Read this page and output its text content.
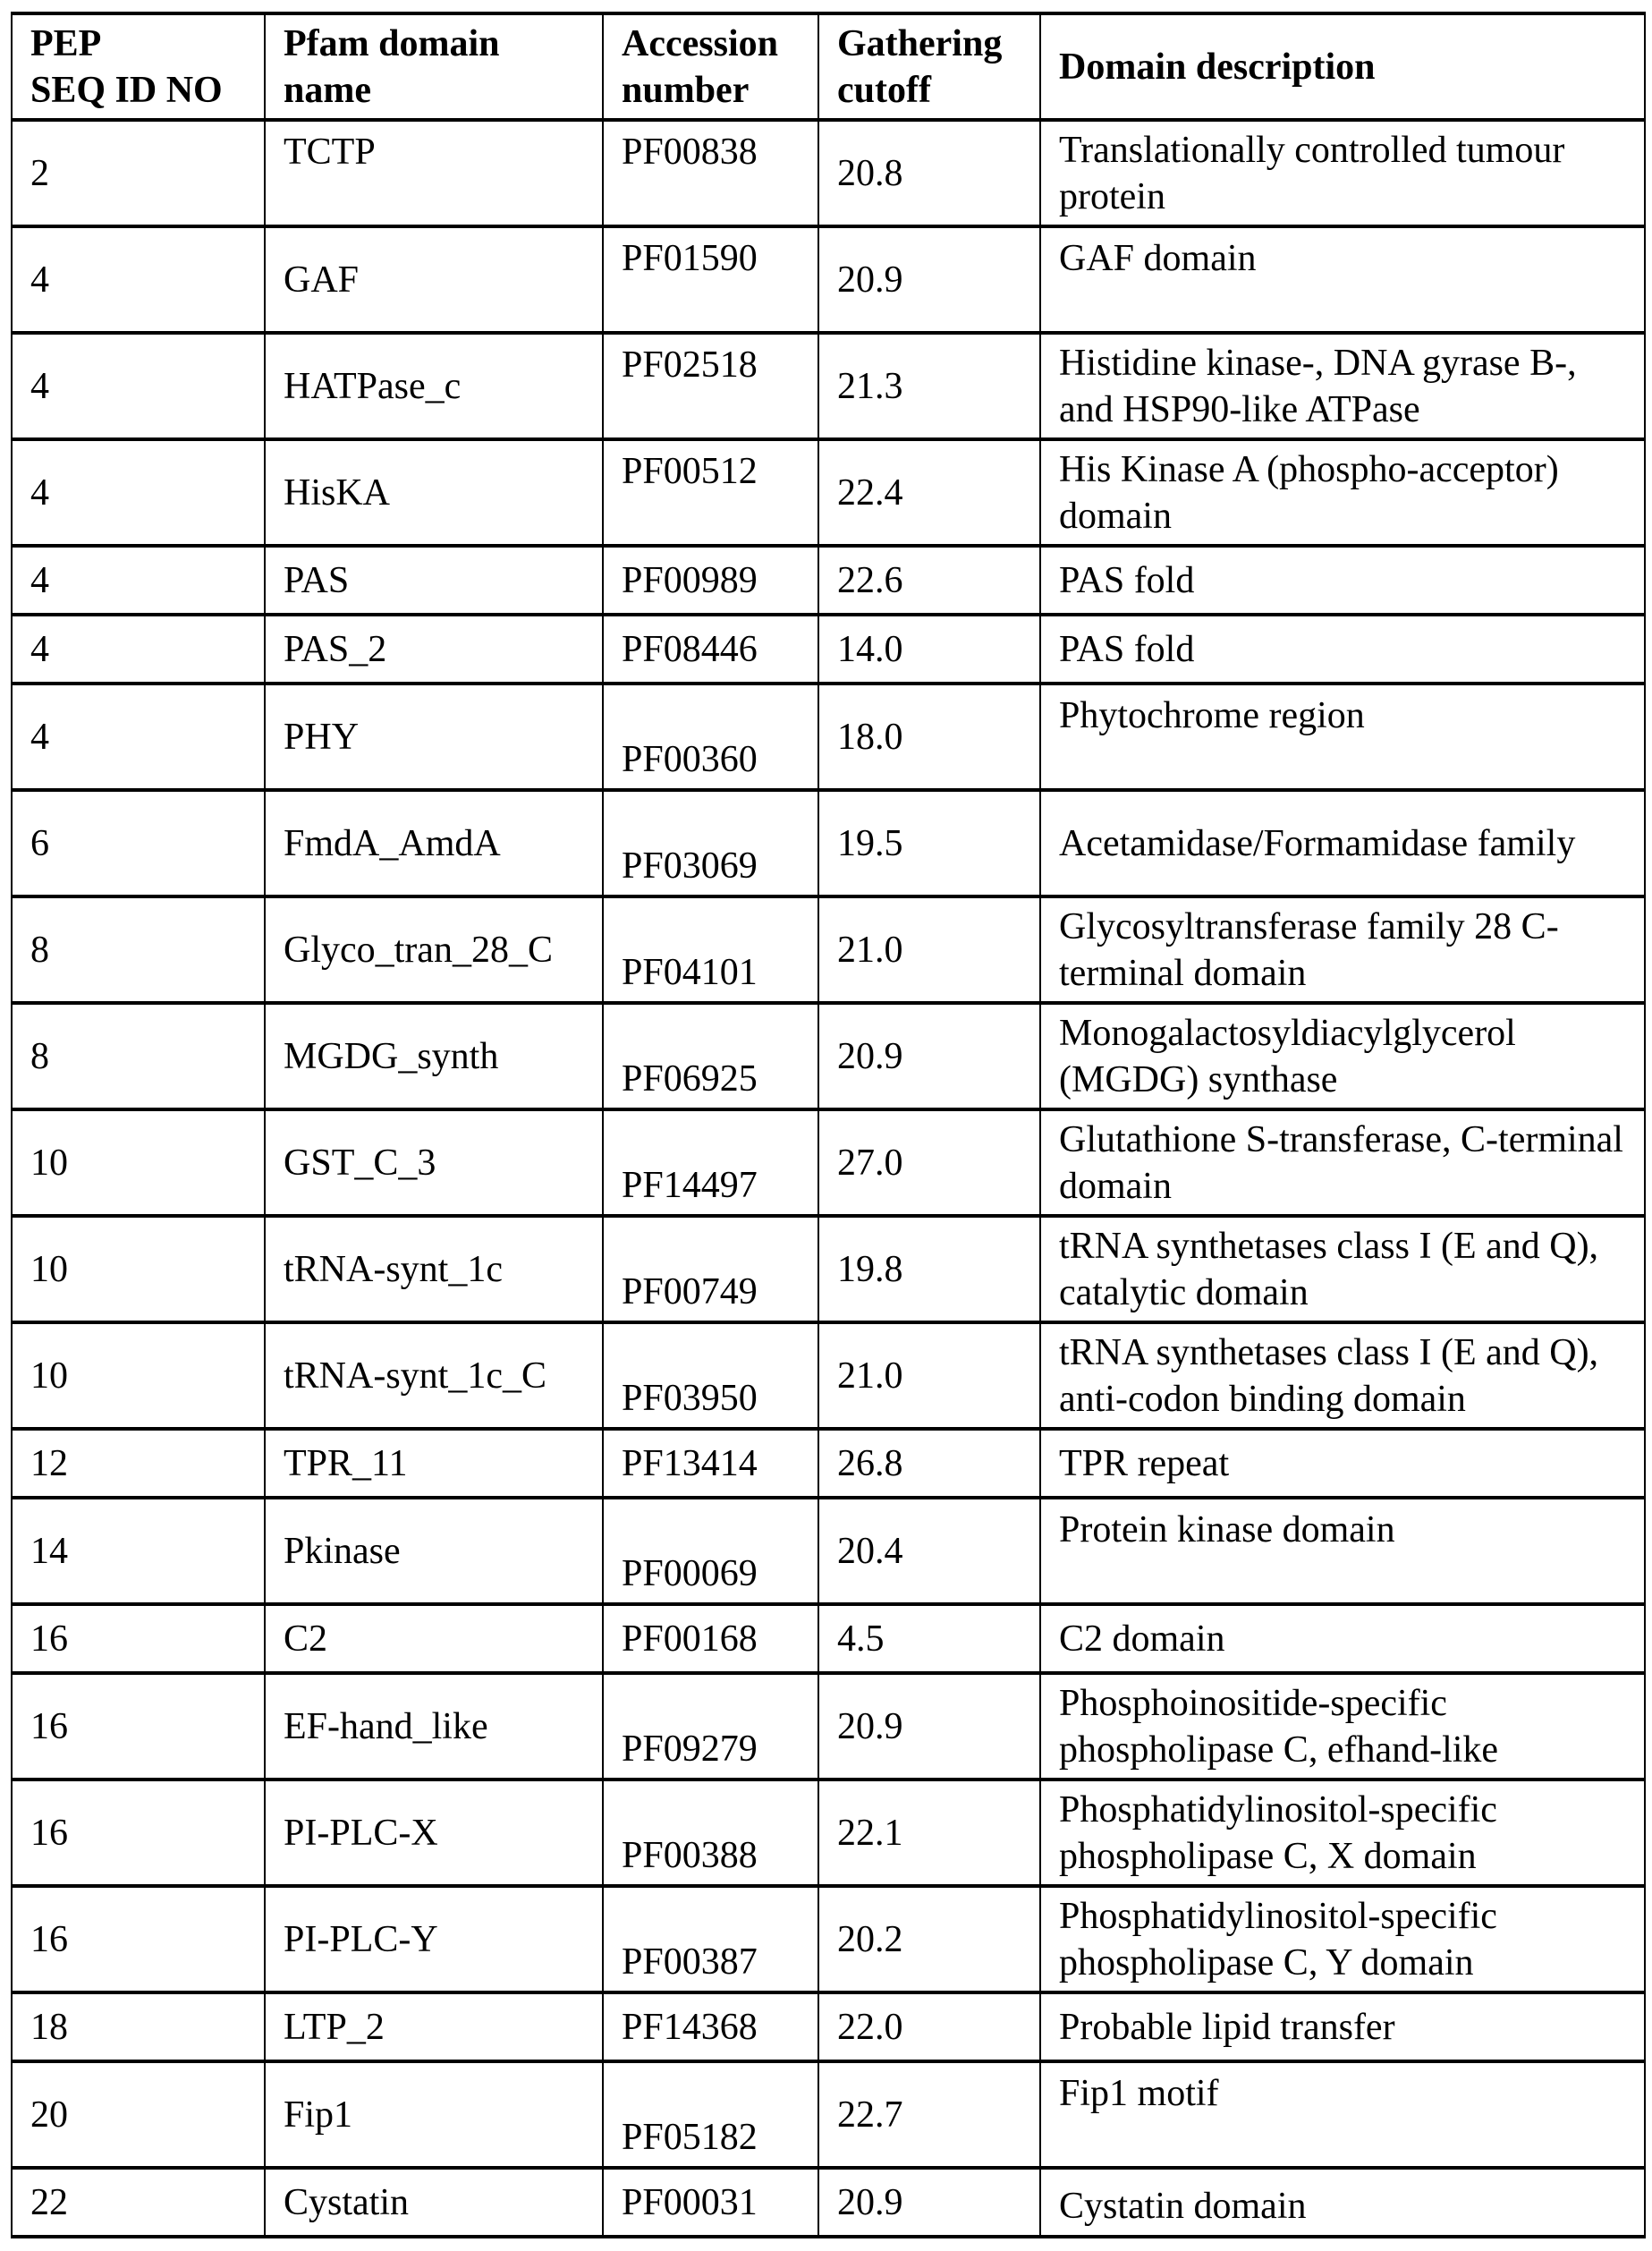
PEP
SEQ ID NO	Pfam domain name	Accession number	Gathering cutoff	Domain description
2	TCTP	PF00838	20.8	Translationally controlled tumour protein
4	GAF	PF01590	20.9	GAF domain
4	HATPase_c	PF02518	21.3	Histidine kinase-, DNA gyrase B-, and HSP90-like ATPase
4	HisKA	PF00512	22.4	His Kinase A (phospho-acceptor) domain
4	PAS	PF00989	22.6	PAS fold
4	PAS_2	PF08446	14.0	PAS fold
4	PHY	PF00360	18.0	Phytochrome region
6	FmdA_AmdA	PF03069	19.5	Acetamidase/Formamidase family
8	Glyco_tran_28_C	PF04101	21.0	Glycosyltransferase family 28 C-terminal domain
8	MGDG_synth	PF06925	20.9	Monogalactosyldiacylglycerol (MGDG) synthase
10	GST_C_3	PF14497	27.0	Glutathione S-transferase, C-terminal domain
10	tRNA-synt_1c	PF00749	19.8	tRNA synthetases class I (E and Q), catalytic domain
10	tRNA-synt_1c_C	PF03950	21.0	tRNA synthetases class I (E and Q), anti-codon binding domain
12	TPR_11	PF13414	26.8	TPR repeat
14	Pkinase	PF00069	20.4	Protein kinase domain
16	C2	PF00168	4.5	C2 domain
16	EF-hand_like	PF09279	20.9	Phosphoinositide-specific phospholipase C, efhand-like
16	PI-PLC-X	PF00388	22.1	Phosphatidylinositol-specific phospholipase C, X domain
16	PI-PLC-Y	PF00387	20.2	Phosphatidylinositol-specific phospholipase C, Y domain
18	LTP_2	PF14368	22.0	Probable lipid transfer
20	Fip1	PF05182	22.7	Fip1 motif
22	Cystatin	PF00031	20.9	Cystatin domain
